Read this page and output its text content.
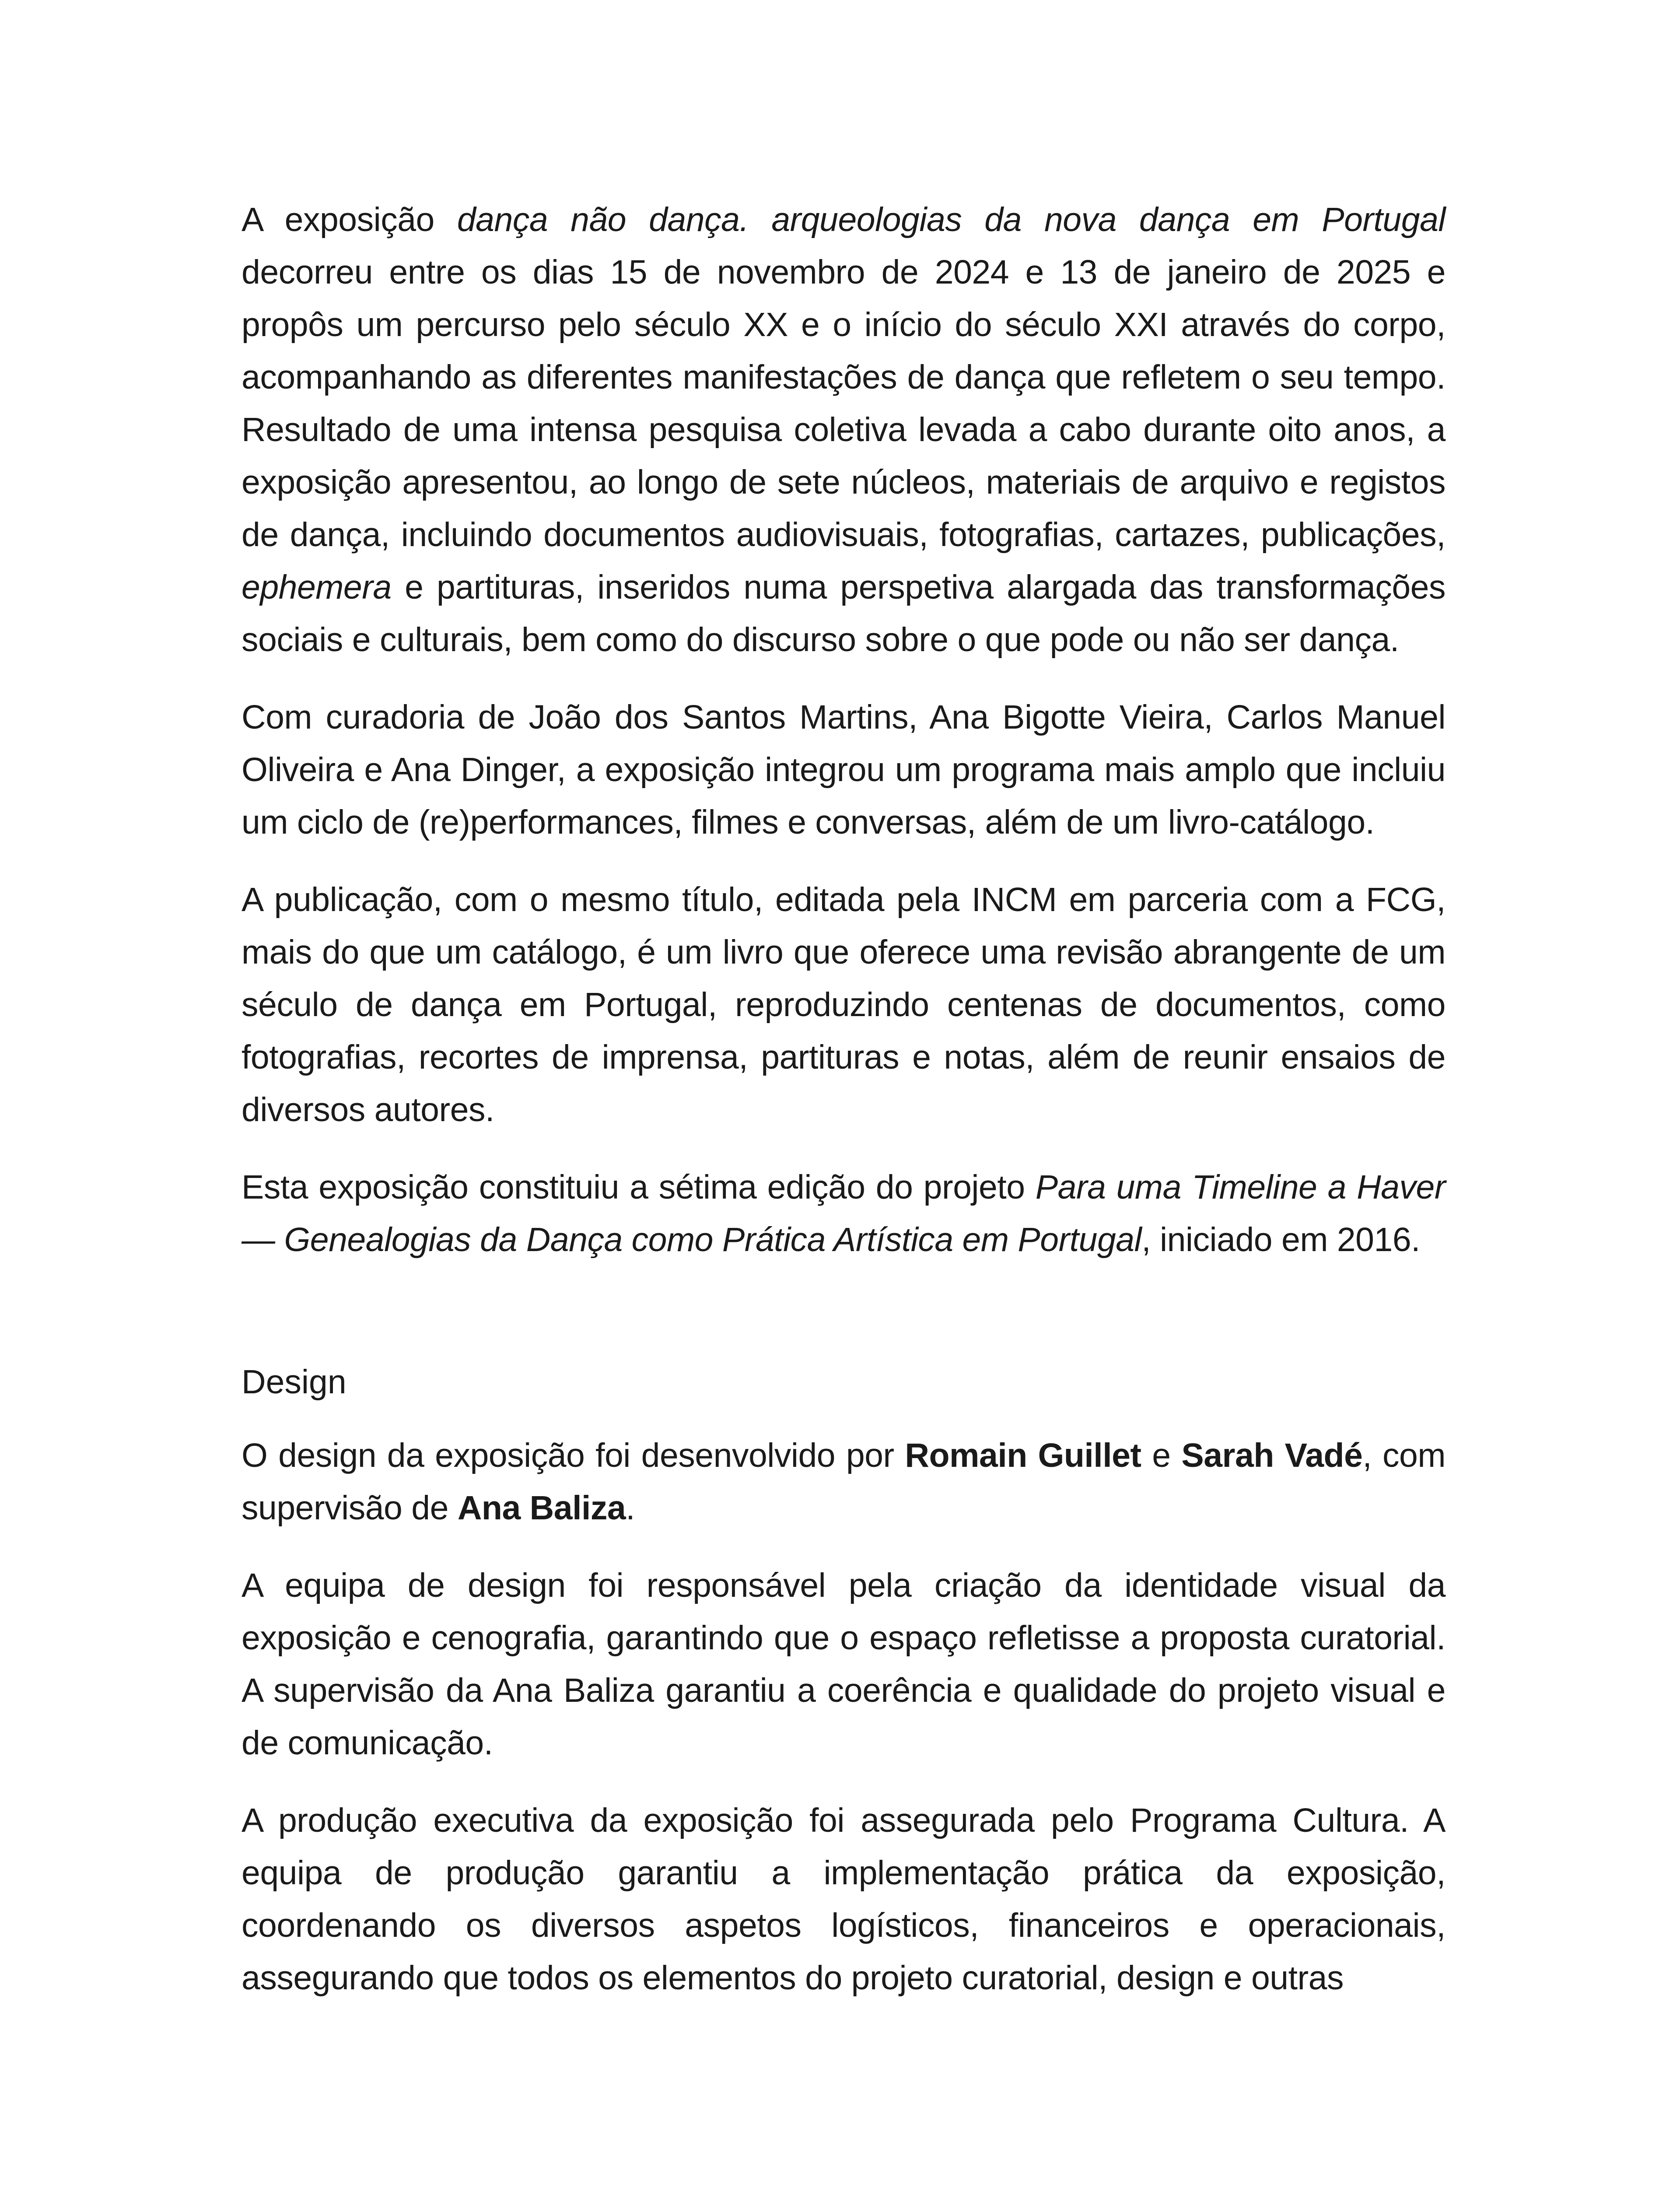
A exposição dança não dança. arqueologias da nova dança em Portugal decorreu entre os dias 15 de novembro de 2024 e 13 de janeiro de 2025 e propôs um percurso pelo século XX e o início do século XXI através do corpo, acompanhando as diferentes manifestações de dança que refletem o seu tempo. Resultado de uma intensa pesquisa coletiva levada a cabo durante oito anos, a exposição apresentou, ao longo de sete núcleos, materiais de arquivo e registos de dança, incluindo documentos audiovisuais, fotografias, cartazes, publicações, ephemera e partituras, inseridos numa perspetiva alargada das transformações sociais e culturais, bem como do discurso sobre o que pode ou não ser dança.

Com curadoria de João dos Santos Martins, Ana Bigotte Vieira, Carlos Manuel Oliveira e Ana Dinger, a exposição integrou um programa mais amplo que incluiu um ciclo de (re)performances, filmes e conversas, além de um livro-catálogo.

A publicação, com o mesmo título, editada pela INCM em parceria com a FCG, mais do que um catálogo, é um livro que oferece uma revisão abrangente de um século de dança em Portugal, reproduzindo centenas de documentos, como fotografias, recortes de imprensa, partituras e notas, além de reunir ensaios de diversos autores.

Esta exposição constituiu a sétima edição do projeto Para uma Timeline a Haver — Genealogias da Dança como Prática Artística em Portugal, iniciado em 2016.

Design

O design da exposição foi desenvolvido por Romain Guillet e Sarah Vadé, com supervisão de Ana Baliza.

A equipa de design foi responsável pela criação da identidade visual da exposição e cenografia, garantindo que o espaço refletisse a proposta curatorial. A supervisão da Ana Baliza garantiu a coerência e qualidade do projeto visual e de comunicação.

A produção executiva da exposição foi assegurada pelo Programa Cultura. A equipa de produção garantiu a implementação prática da exposição, coordenando os diversos aspetos logísticos, financeiros e operacionais, assegurando que todos os elementos do projeto curatorial, design e outras
